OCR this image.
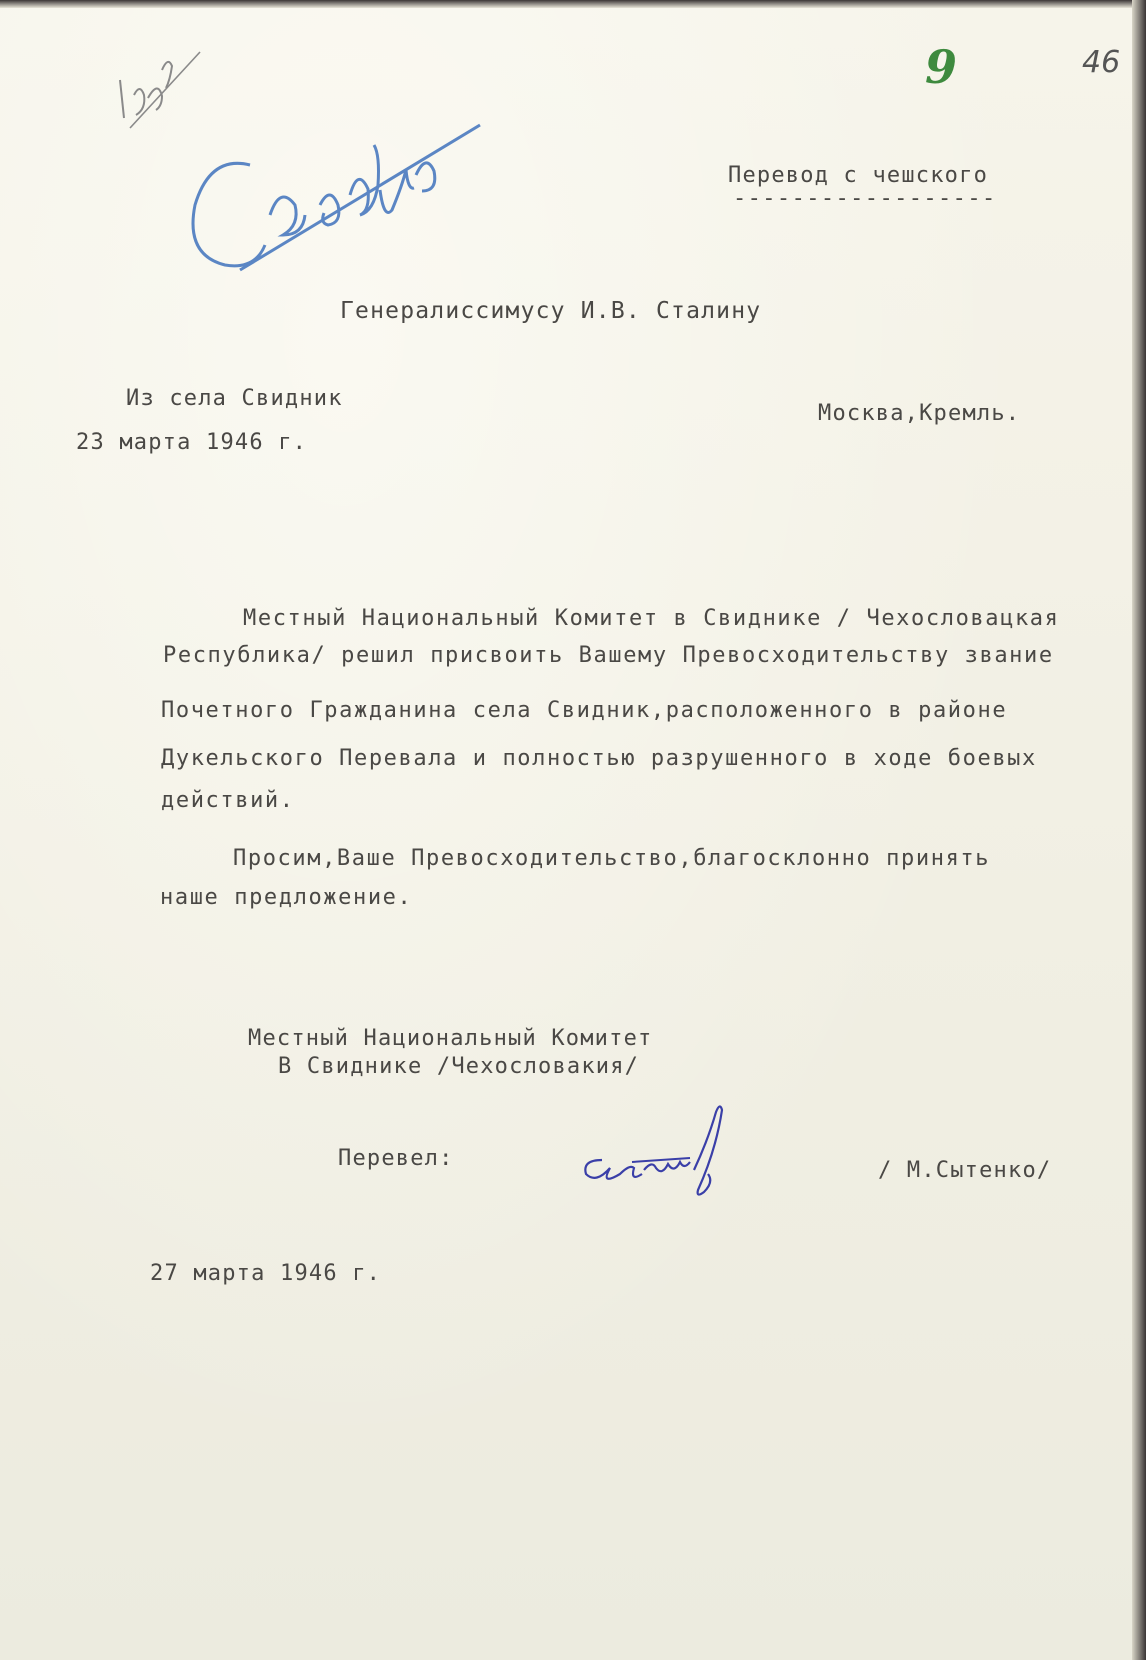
9	46
Перевод с чешского
------------------
Генералиссимусу И.В. Сталину
Из села Свидник
23 марта 1946 г.
Москва,Кремль.
Местный Национальный Комитет в Свиднике / Чехословацкая
Республика/ решил присвоить Вашему Превосходительству звание
Почетного Гражданина села Свидник,расположенного в районе
Дукельского Перевала и полностью разрушенного в ходе боевых
действий.
Просим,Ваше Превосходительство,благосклонно принять
наше предложение.
Местный Национальный Комитет
В Свиднике /Чехословакия/
Перевел:	/ М.Сытенко/
27 марта 1946 г.
